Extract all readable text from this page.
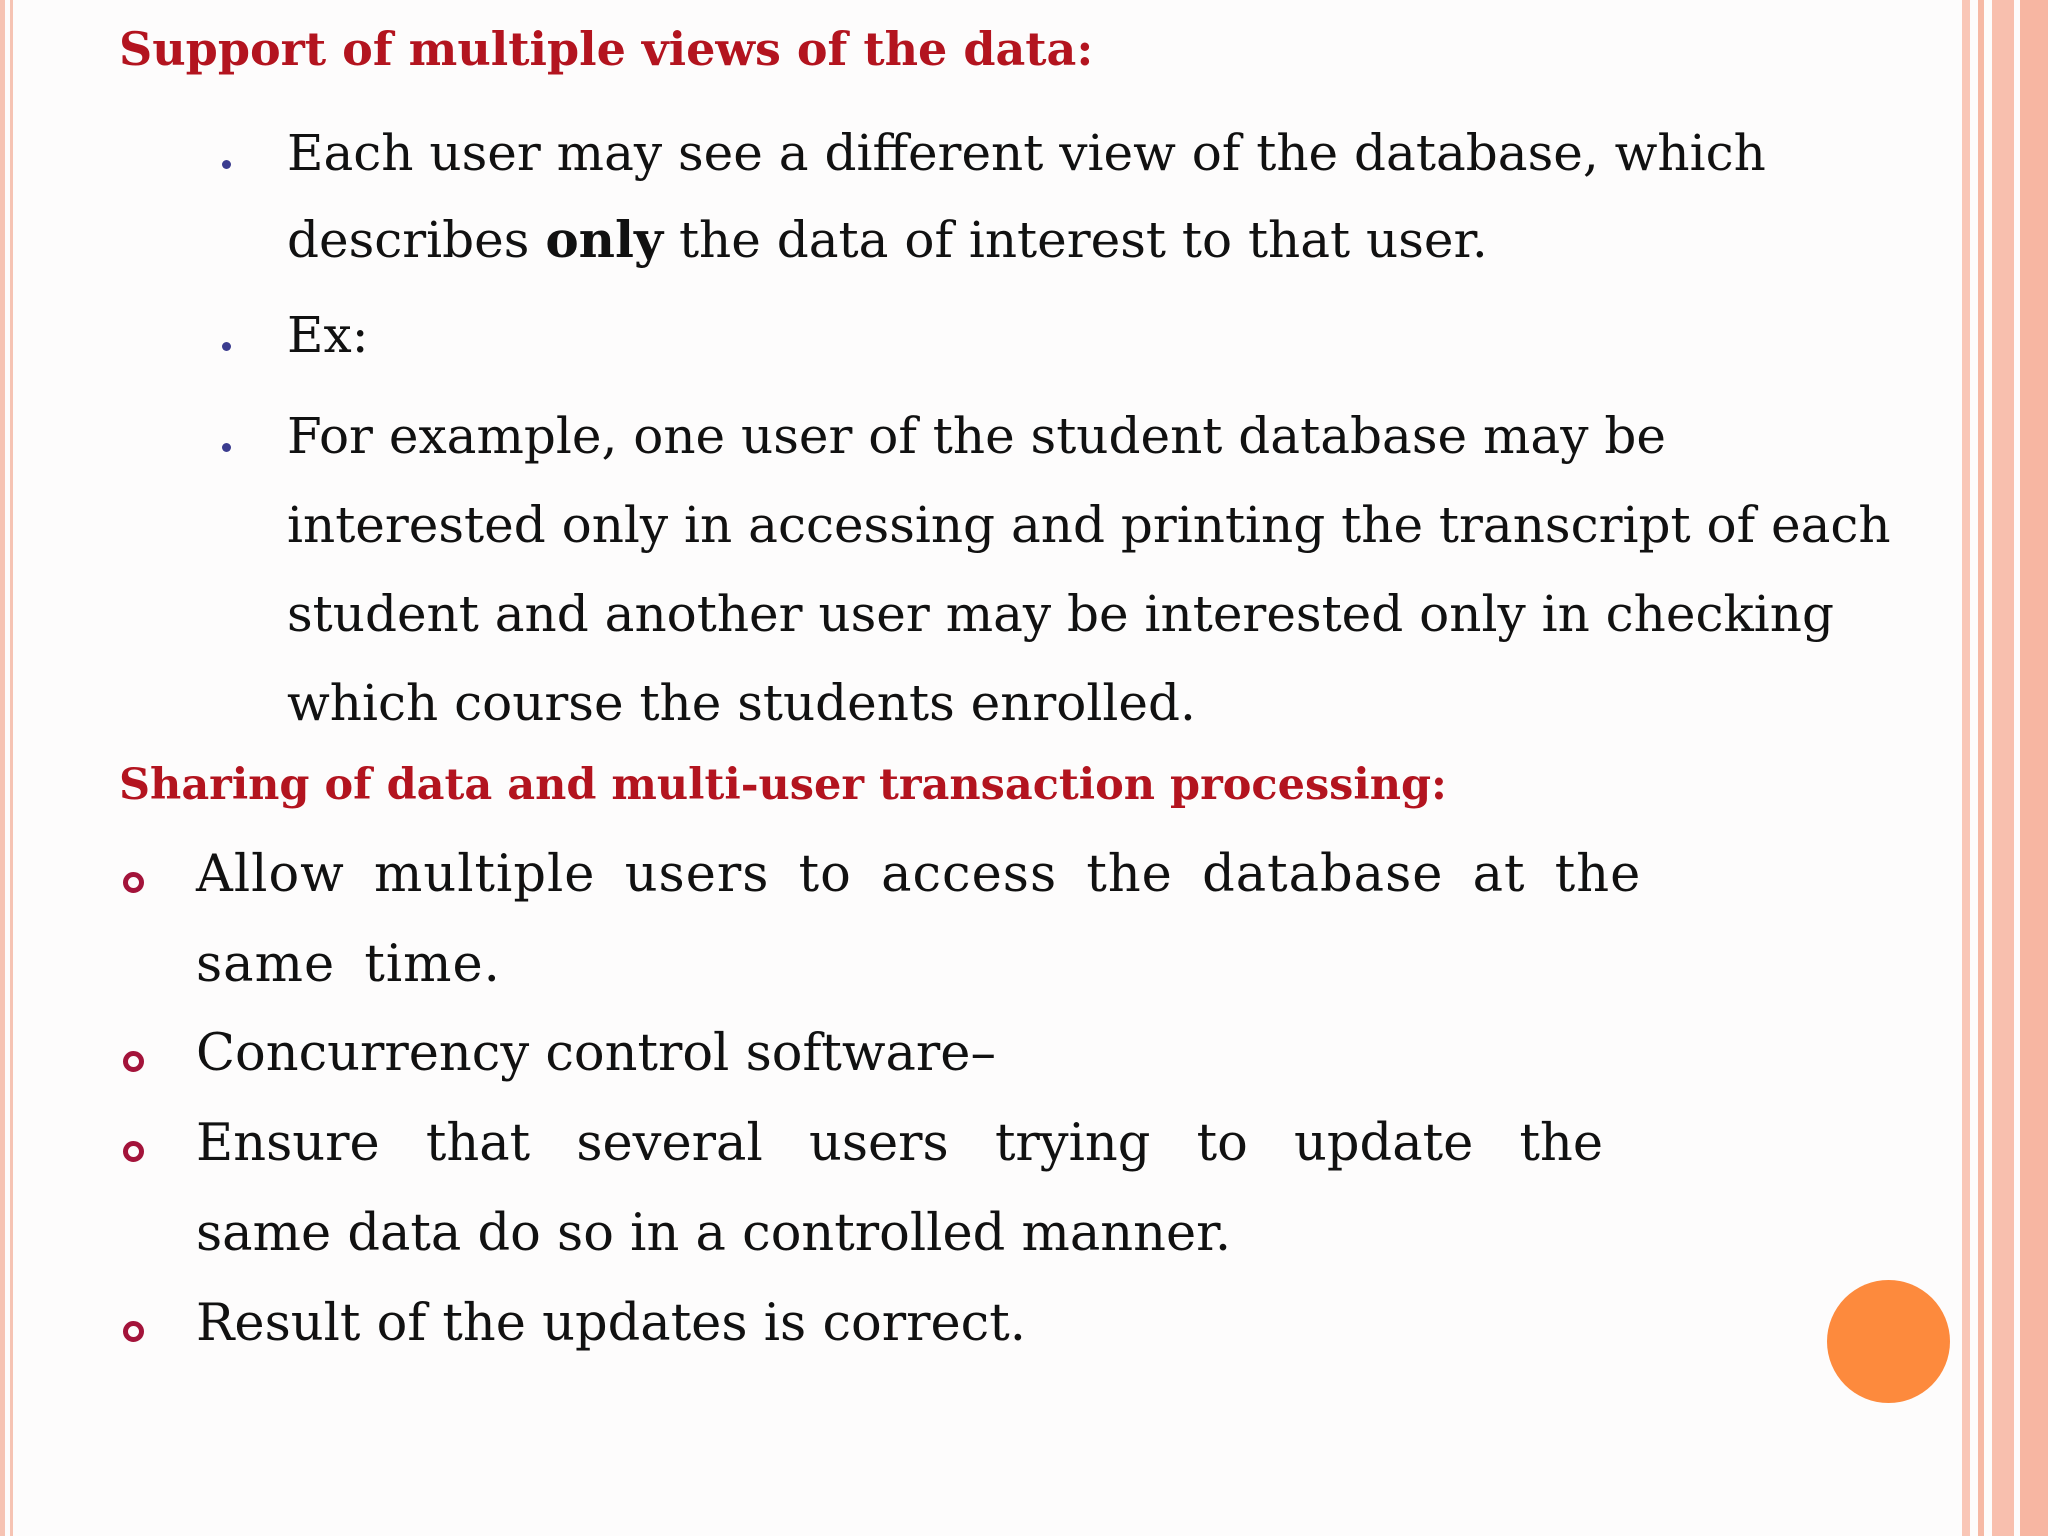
Support of multiple views of the data:
Each user may see a different view of the database, which
describes only the data of interest to that user.
Ex:
For example, one user of the student database may be
interested only in accessing and printing the transcript of each
student and another user may be interested only in checking
which course the students enrolled.
Sharing of data and multi-user transaction processing:
Allow multiple users to access the database at the
same time.
Concurrency control software–
Ensure that several users trying to update the
same data do so in a controlled manner.
Result of the updates is correct.
